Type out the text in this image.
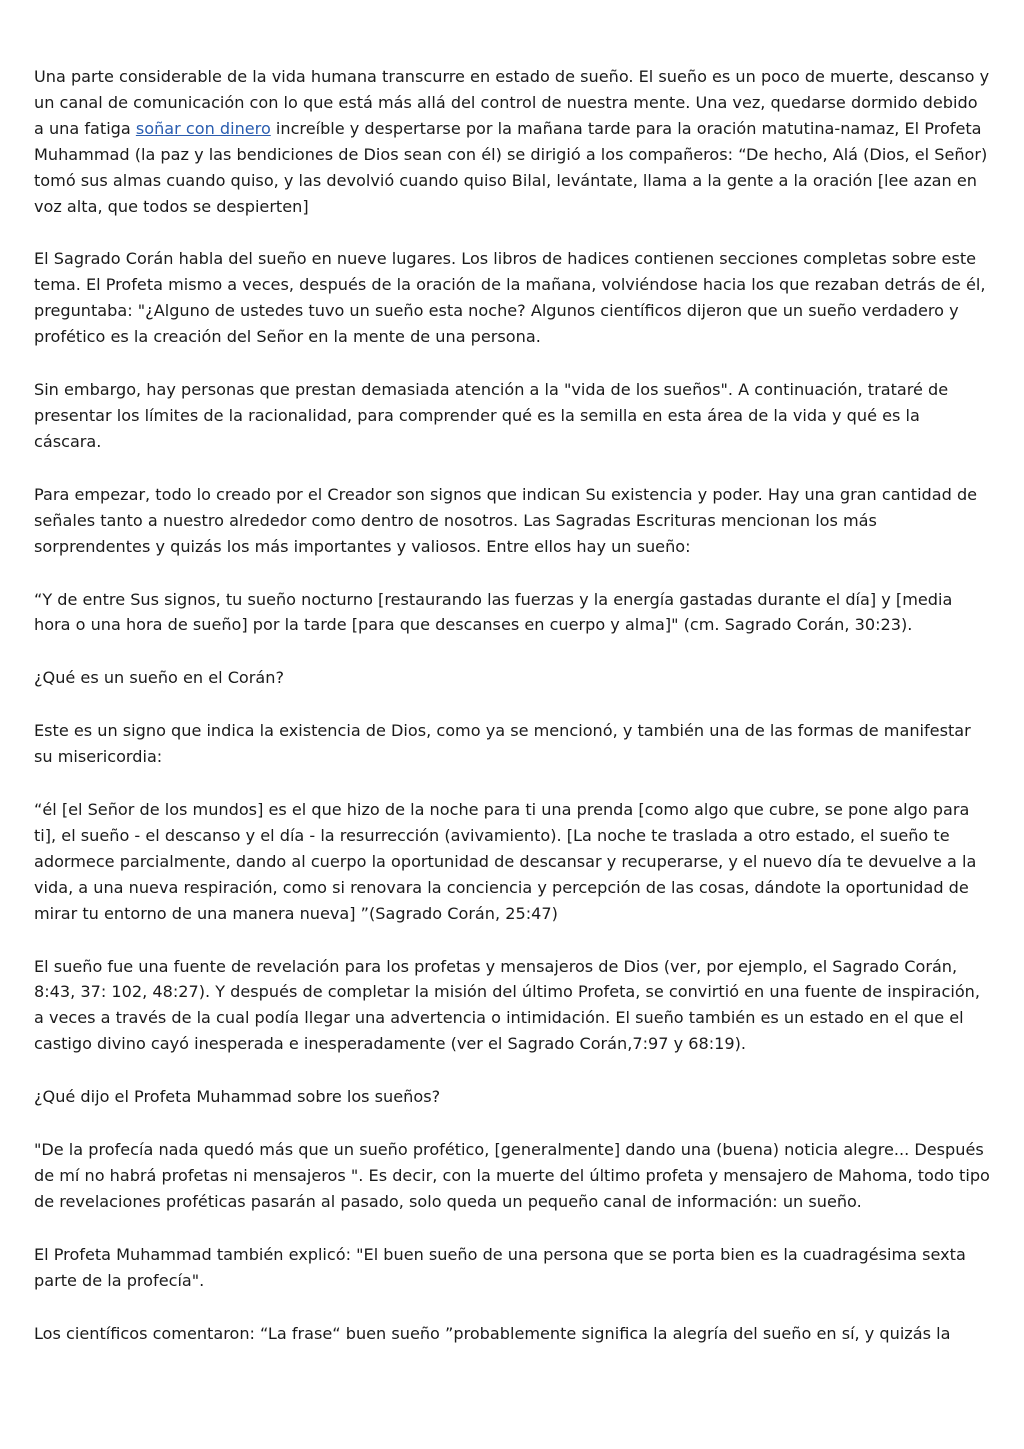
Una parte considerable de la vida humana transcurre en estado de sueño. El sueño es un poco de muerte, descanso y un canal de comunicación con lo que está más allá del control de nuestra mente. Una vez, quedarse dormido debido a una fatiga soñar con dinero increíble y despertarse por la mañana tarde para la oración matutina-namaz, El Profeta Muhammad (la paz y las bendiciones de Dios sean con él) se dirigió a los compañeros: “De hecho, Alá (Dios, el Señor) tomó sus almas cuando quiso, y las devolvió cuando quiso Bilal, levántate, llama a la gente a la oración [lee azan en voz alta, que todos se despierten]

El Sagrado Corán habla del sueño en nueve lugares. Los libros de hadices contienen secciones completas sobre este tema. El Profeta mismo a veces, después de la oración de la mañana, volviéndose hacia los que rezaban detrás de él, preguntaba: "¿Alguno de ustedes tuvo un sueño esta noche? Algunos científicos dijeron que un sueño verdadero y profético es la creación del Señor en la mente de una persona.

Sin embargo, hay personas que prestan demasiada atención a la "vida de los sueños". A continuación, trataré de presentar los límites de la racionalidad, para comprender qué es la semilla en esta área de la vida y qué es la cáscara.

Para empezar, todo lo creado por el Creador son signos que indican Su existencia y poder. Hay una gran cantidad de señales tanto a nuestro alrededor como dentro de nosotros. Las Sagradas Escrituras mencionan los más sorprendentes y quizás los más importantes y valiosos. Entre ellos hay un sueño:

“Y de entre Sus signos, tu sueño nocturno [restaurando las fuerzas y la energía gastadas durante el día] y [media hora o una hora de sueño] por la tarde [para que descanses en cuerpo y alma]" (cm. Sagrado Corán, 30:23).

¿Qué es un sueño en el Corán?

Este es un signo que indica la existencia de Dios, como ya se mencionó, y también una de las formas de manifestar su misericordia:

“él [el Señor de los mundos] es el que hizo de la noche para ti una prenda [como algo que cubre, se pone algo para ti], el sueño - el descanso y el día - la resurrección (avivamiento). [La noche te traslada a otro estado, el sueño te adormece parcialmente, dando al cuerpo la oportunidad de descansar y recuperarse, y el nuevo día te devuelve a la vida, a una nueva respiración, como si renovara la conciencia y percepción de las cosas, dándote la oportunidad de mirar tu entorno de una manera nueva] ”(Sagrado Corán, 25:47)

El sueño fue una fuente de revelación para los profetas y mensajeros de Dios (ver, por ejemplo, el Sagrado Corán, 8:43, 37: 102, 48:27). Y después de completar la misión del último Profeta, se convirtió en una fuente de inspiración, a veces a través de la cual podía llegar una advertencia o intimidación. El sueño también es un estado en el que el castigo divino cayó inesperada e inesperadamente (ver el Sagrado Corán,7:97 y 68:19).

¿Qué dijo el Profeta Muhammad sobre los sueños?

"De la profecía nada quedó más que un sueño profético, [generalmente] dando una (buena) noticia alegre... Después de mí no habrá profetas ni mensajeros ". Es decir, con la muerte del último profeta y mensajero de Mahoma, todo tipo de revelaciones proféticas pasarán al pasado, solo queda un pequeño canal de información: un sueño.

El Profeta Muhammad también explicó: "El buen sueño de una persona que se porta bien es la cuadragésima sexta parte de la profecía".

Los científicos comentaron: “La frase“ buen sueño ”probablemente significa la alegría del sueño en sí, y quizás la
